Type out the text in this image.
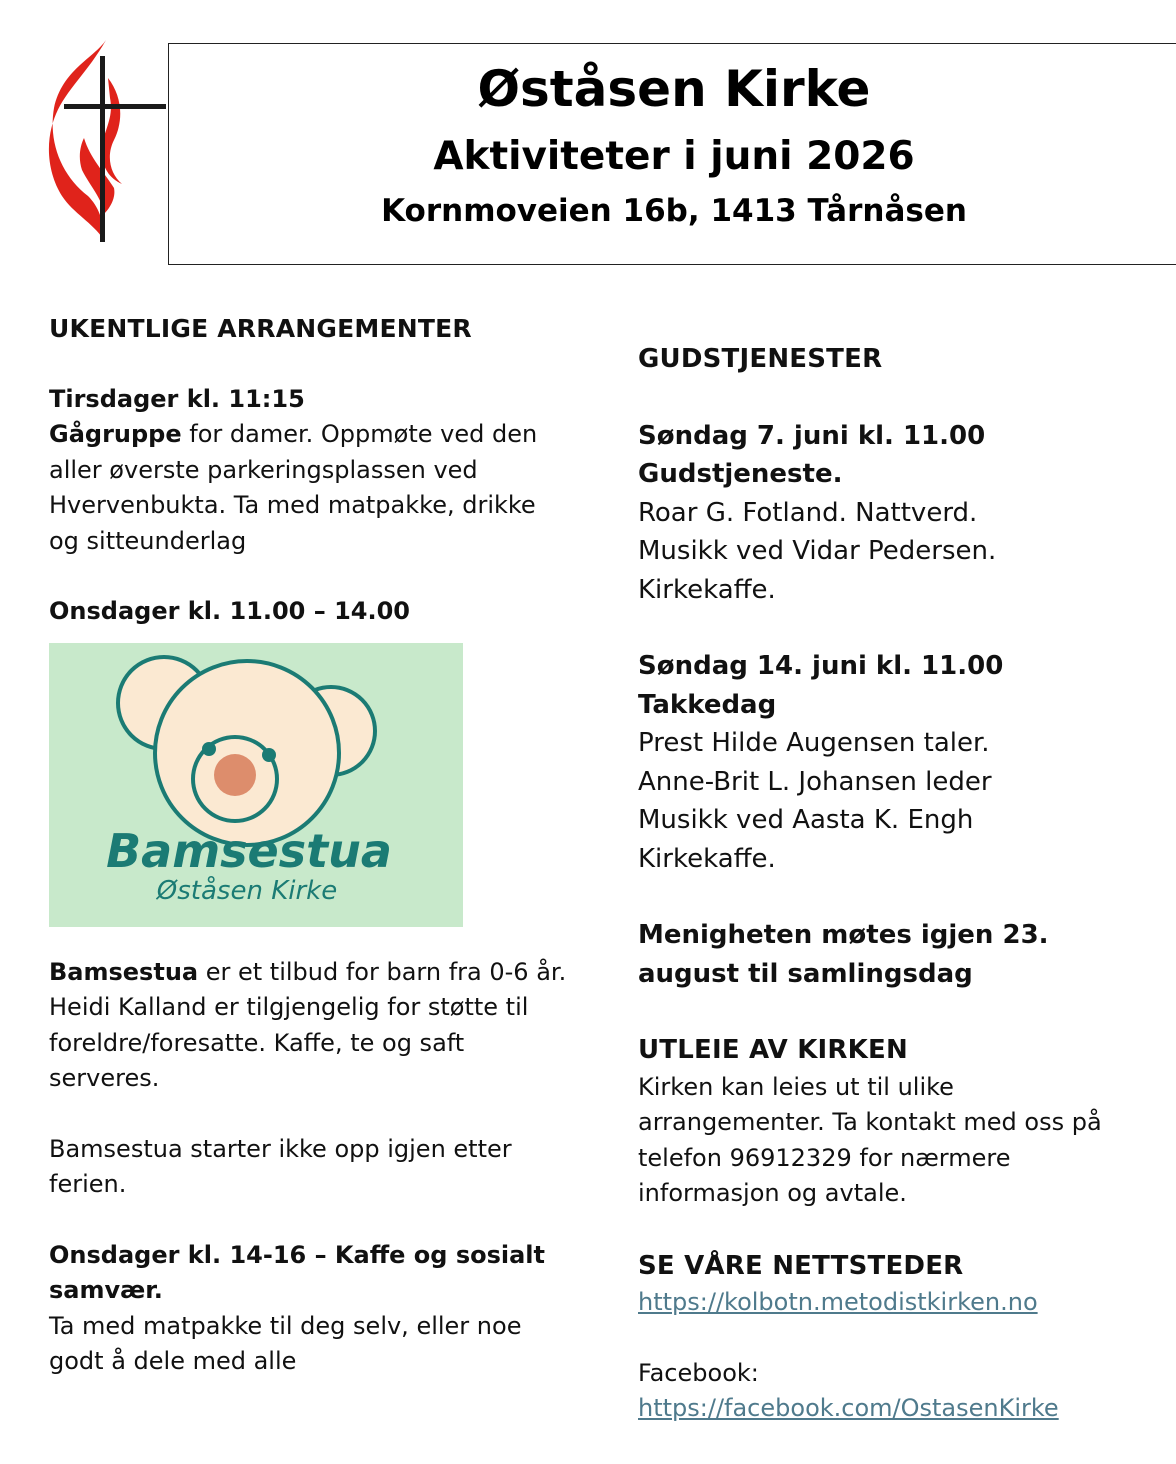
Øståsen Kirke
Aktiviteter i juni 2026
Kornmoveien 16b, 1413 Tårnåsen

UKENTLIGE ARRANGEMENTER

Tirsdager kl. 11:15

Gågruppe for damer. Oppmøte ved den aller øverste parkeringsplassen ved Hvervenbukta. Ta med matpakke, drikke og sitteunderlag

Onsdager kl. 11.00 – 14.00

Bamsestua
Øståsen Kirke

Bamsestua er et tilbud for barn fra 0-6 år. Heidi Kalland er tilgjengelig for støtte til foreldre/foresatte. Kaffe, te og saft serveres.

Bamsestua starter ikke opp igjen etter ferien.

Onsdager kl. 14-16 – Kaffe og sosialt samvær.

Ta med matpakke til deg selv, eller noe godt å dele med alle

GUDSTJENESTER

Søndag 7. juni kl. 11.00

Gudstjeneste.

Roar G. Fotland. Nattverd.

Musikk ved Vidar Pedersen.

Kirkekaffe.

Søndag 14. juni kl. 11.00

Takkedag

Prest Hilde Augensen taler.

Anne-Brit L. Johansen leder

Musikk ved Aasta K. Engh

Kirkekaffe.

Menigheten møtes igjen 23. august til samlingsdag

UTLEIE AV KIRKEN

Kirken kan leies ut til ulike arrangementer. Ta kontakt med oss på telefon 96912329 for nærmere informasjon og avtale.

SE VÅRE NETTSTEDER

https://kolbotn.metodistkirken.no

Facebook:

https://facebook.com/OstasenKirke
